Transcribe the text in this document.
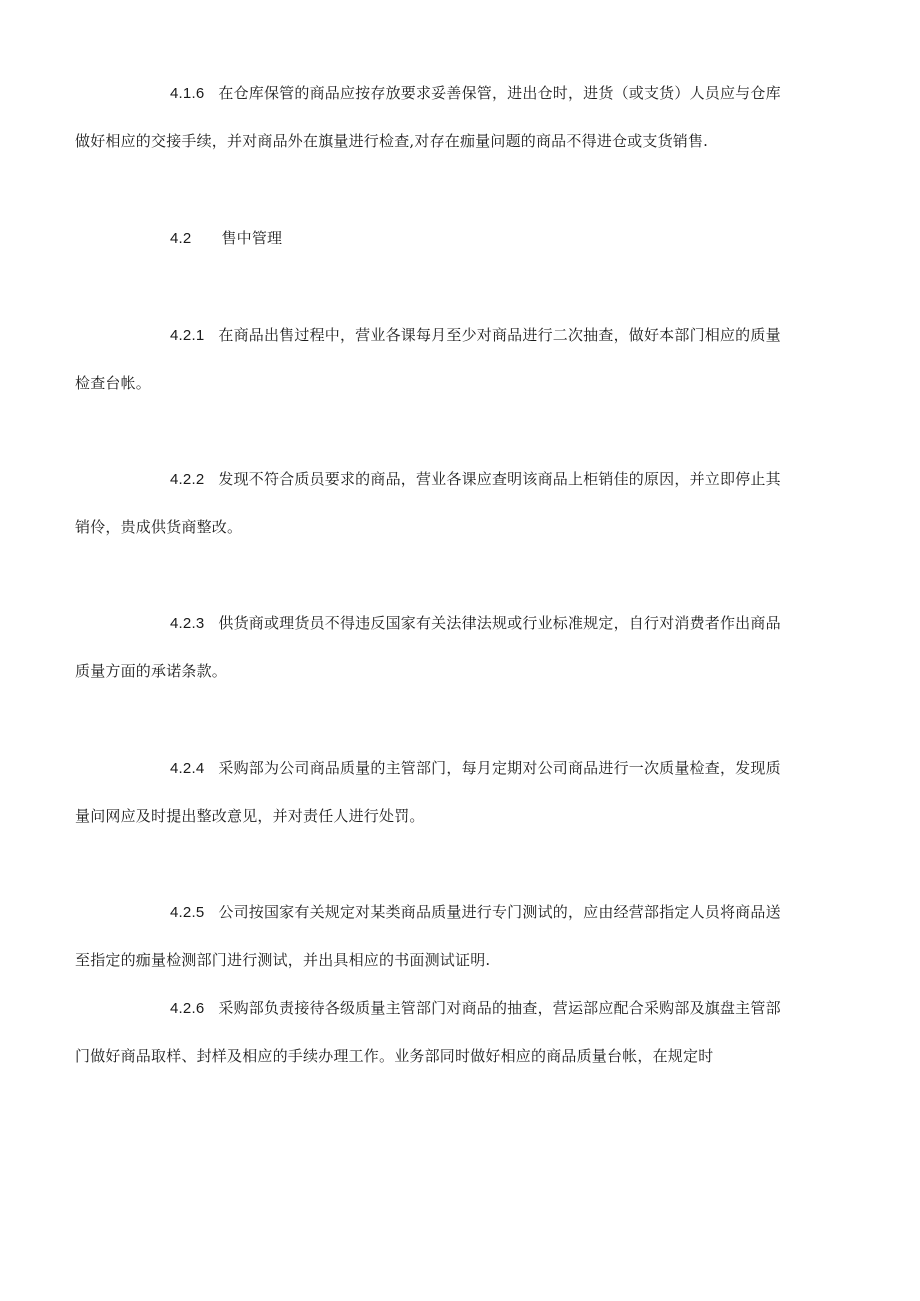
4.1.6 在仓库保管的商品应按存放要求妥善保管，进出仓时，进货（或支货）人员应与仓库
做好相应的交接手续，并对商品外在旗量进行检查,对存在痂量问题的商品不得进仓或支货销售.
4.2 售中管理
4.2.1 在商品出售过程中，营业各课每月至少对商品进行二次抽查，做好本部门相应的质量
检查台帐。
4.2.2 发现不符合质员要求的商品，营业各课应查明该商品上柜销佳的原因，并立即停止其
销伶，贵成供货商整改。
4.2.3 供货商或理货员不得违反国家有关法律法规或行业标准规定，自行对消费者作出商品
质量方面的承诺条款。
4.2.4 采购部为公司商品质量的主管部门，每月定期对公司商品进行一次质量检查，发现质
量问网应及时提出整改意见，并对责任人进行处罚。
4.2.5 公司按国家有关规定对某类商品质量进行专门测试的，应由经营部指定人员将商品送
至指定的痂量检测部门进行测试，并出具相应的书面测试证明.
4.2.6 采购部负责接待各级质量主管部门对商品的抽查，营运部应配合采购部及旗盘主管部
门做好商品取样、封样及相应的手续办理工作。业务部同时做好相应的商品质量台帐，在规定时
